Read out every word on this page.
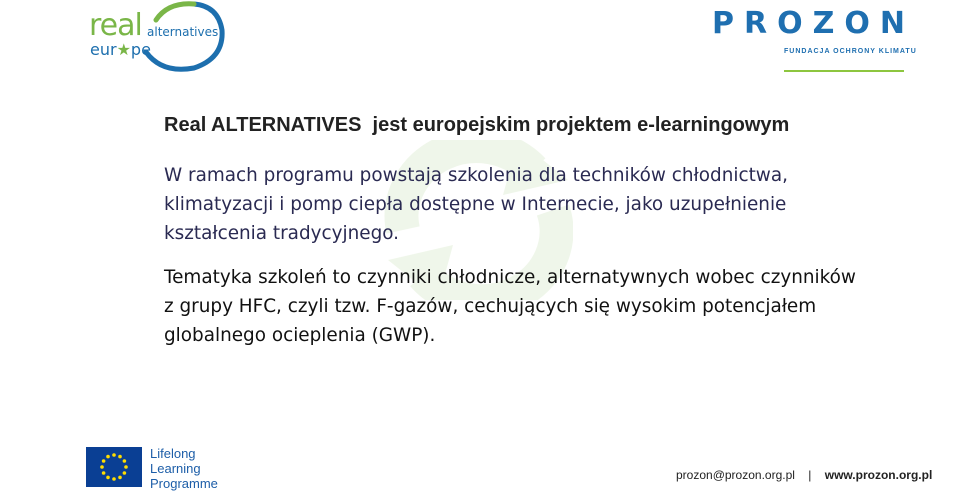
real
eur★pe
alternatives	PROZON
FUNDACJA OCHRONY KLIMATU
Real ALTERNATIVES  jest europejskim projektem e-learningowym

W ramach programu powstają szkolenia dla techników chłodnictwa, klimatyzacji i pomp ciepła dostępne w Internecie, jako uzupełnienie kształcenia tradycyjnego.

Tematyka szkoleń to czynniki chłodnicze, alternatywnych wobec czynników z grupy HFC, czyli tzw. F-gazów, cechujących się wysokim potencjałem globalnego ocieplenia (GWP).

Lifelong
Learning
Programme
prozon@prozon.org.pl | www.prozon.org.pl
